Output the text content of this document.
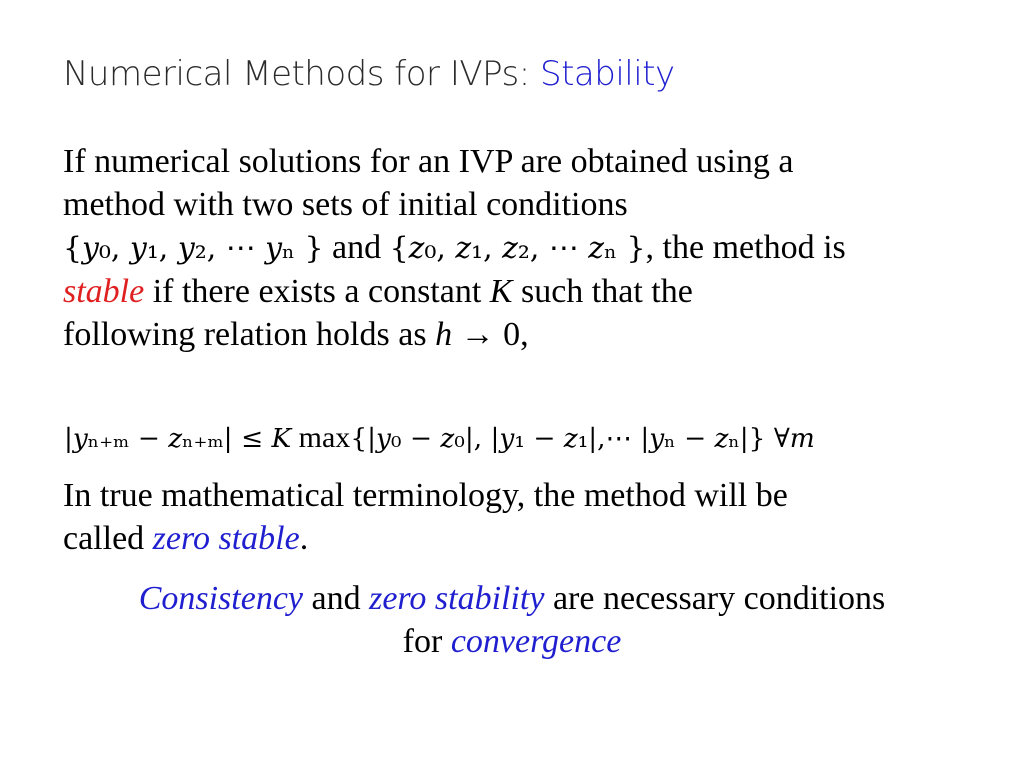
Numerical Methods for IVPs: Stability
If numerical solutions for an IVP are obtained using a
method with two sets of initial conditions
{𝑦₀, 𝑦₁, 𝑦₂, ⋯ 𝑦ₙ } and {𝑧₀, 𝑧₁, 𝑧₂, ⋯ 𝑧ₙ }, the method is
stable if there exists a constant K such that the
following relation holds as h → 0,
|𝑦ₙ₊ₘ − 𝑧ₙ₊ₘ| ≤ 𝐾 max{|𝑦₀ − 𝑧₀|, |𝑦₁ − 𝑧₁|,⋯ |𝑦ₙ − 𝑧ₙ|} ∀𝑚
In true mathematical terminology, the method will be
called zero stable.
Consistency and zero stability are necessary conditions
for convergence
